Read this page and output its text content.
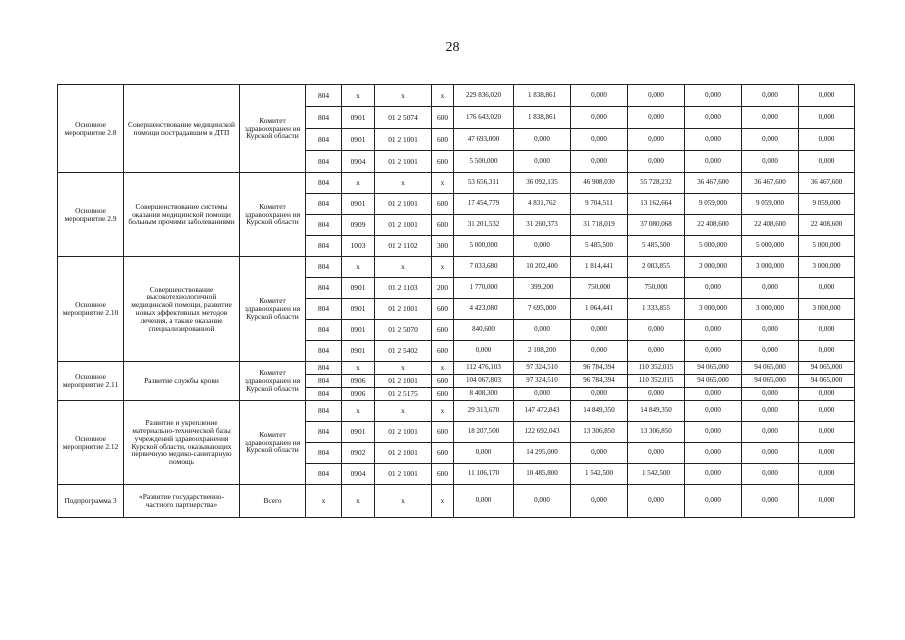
28
Основное мероприятие 2.8	Совершенствование медицинской помощи пострадавшим в ДТП	Комитет здравоохранен ия Курской области	804	x	x	x	229 836,020	1 838,861	0,000	0,000	0,000	0,000	0,000
			804	0901	01 2 5074	600	176 643,020	1 838,861	0,000	0,000	0,000	0,000	0,000
			804	0901	01 2 1001	600	47 693,000	0,000	0,000	0,000	0,000	0,000	0,000
			804	0904	01 2 1001	600	5 500,000	0,000	0,000	0,000	0,000	0,000	0,000
Основное мероприятие 2.9	Совершенствование системы оказания медицинской помощи больным прочими заболеваниями	Комитет здравоохранен ия Курской области	804	x	x	x	53 656,311	36 092,135	46 908,030	55 728,232	36 467,600	36 467,600	36 467,600
			804	0901	01 2 1001	600	17 454,779	4 831,762	9 704,511	13 162,664	9 059,000	9 059,000	9 059,000
			804	0909	01 2 1001	600	31 201,532	31 260,373	31 718,019	37 080,068	22 408,600	22 408,600	22 408,600
			804	1003	01 2 1102	300	5 000,000	0,000	5 485,500	5 485,500	5 000,000	5 000,000	5 000,000
Основное мероприятие 2.10	Совершенствование высокотехнологичной медицинской помощи, развитие новых эффективных методов лечения, а также оказание специализированной	Комитет здравоохранен ия Курской области	804	x	x	x	7 033,680	10 202,400	1 814,441	2 083,855	3 000,000	3 000,000	3 000,000
			804	0901	01 2 1103	200	1 770,000	399,200	750,000	750,000	0,000	0,000	0,000
			804	0901	01 2 1001	600	4 423,080	7 695,000	1 064,441	1 333,855	3 000,000	3 000,000	3 000,000
			804	0901	01 2 5070	600	840,600	0,000	0,000	0,000	0,000	0,000	0,000
			804	0901	01 2 5402	600	0,000	2 108,200	0,000	0,000	0,000	0,000	0,000
Основное мероприятие 2.11	Развитие службы крови	Комитет здравоохранен ия Курской области	804	x	x	x	112 476,103	97 324,510	96 784,394	110 352,015	94 065,000	94 065,000	94 065,000
			804	0906	01 2 1001	600	104 067,803	97 324,510	96 784,394	110 352,015	94 065,000	94 065,000	94 065,000
			804	0906	01 2 5175	600	8 408,300	0,000	0,000	0,000	0,000	0,000	0,000
Основное мероприятие 2.12	Развитие и укрепление материально-технической базы учреждений здравоохранения Курской области, оказывающих первичную медико-санитарную помощь	Комитет здравоохранен ия Курской области	804	x	x	x	29 313,670	147 472,843	14 849,350	14 849,350	0,000	0,000	0,000
			804	0901	01 2 1001	600	18 207,500	122 692,043	13 306,850	13 306,850	0,000	0,000	0,000
			804	0902	01 2 1001	600	0,000	14 295,000	0,000	0,000	0,000	0,000	0,000
			804	0904	01 2 1001	600	11 106,170	10 485,800	1 542,500	1 542,500	0,000	0,000	0,000
Подпрограмма 3	«Развитие государственно-частного партнерства»	Всего	x	x	x	x	0,000	0,000	0,000	0,000	0,000	0,000	0,000
